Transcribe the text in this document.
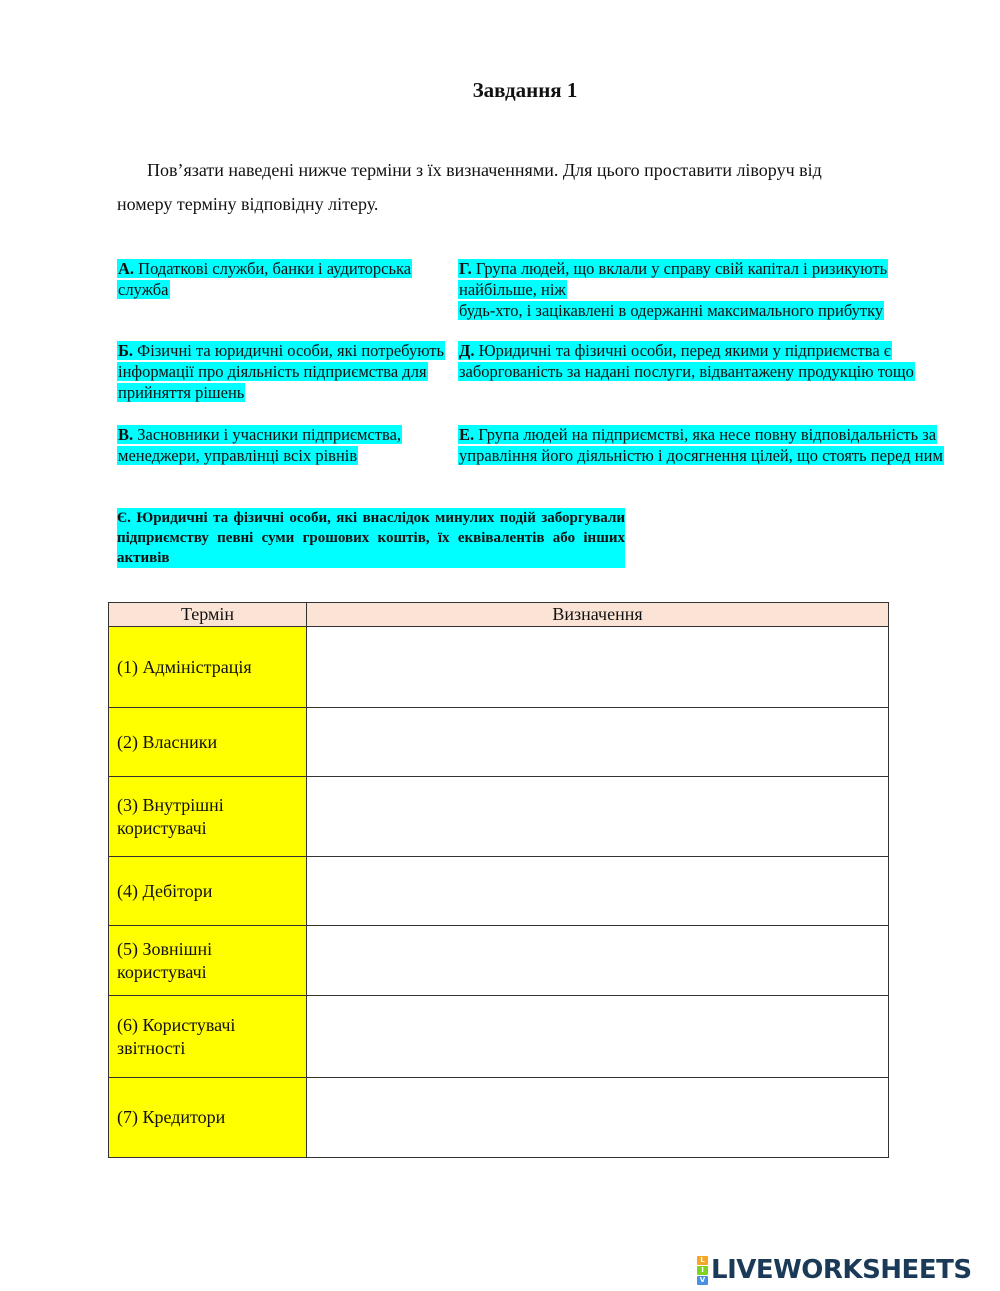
Завдання 1

Пов’язати наведені нижче терміни з їх визначеннями. Для цього проставити ліворуч від номеру терміну відповідну літеру.

А. Податкові служби, банки і аудиторська служба

Б. Фізичні та юридичні особи, які потребують інформації про діяльність підприємства для прийняття рішень

В. Засновники і учасники підприємства, менеджери, управлінці всіх рівнів

Г. Група людей, що вклали у справу свій капітал і ризикують найбільше, ніж
будь-хто, і зацікавлені в одержанні максимального прибутку

Д. Юридичні та фізичні особи, перед якими у підприємства є заборгованість за надані послуги, відвантажену продукцію тощо

Е. Група людей на підприємстві, яка несе повну відповідальність за управління його діяльністю і досягнення цілей, що стоять перед ним

Є. Юридичні та фізичні особи, які внаслідок минулих подій заборгували підприємству певні суми грошових коштів, їх еквівалентів або інших активів

Термін	Визначення
(1) Адміністрація	
(2) Власники	
(3) Внутрішні користувачі	
(4) Дебітори	
(5) Зовнішні користувачі	
(6) Користувачі звітності	
(7) Кредитори	
L
I
V LIVEWORKSHEETS
